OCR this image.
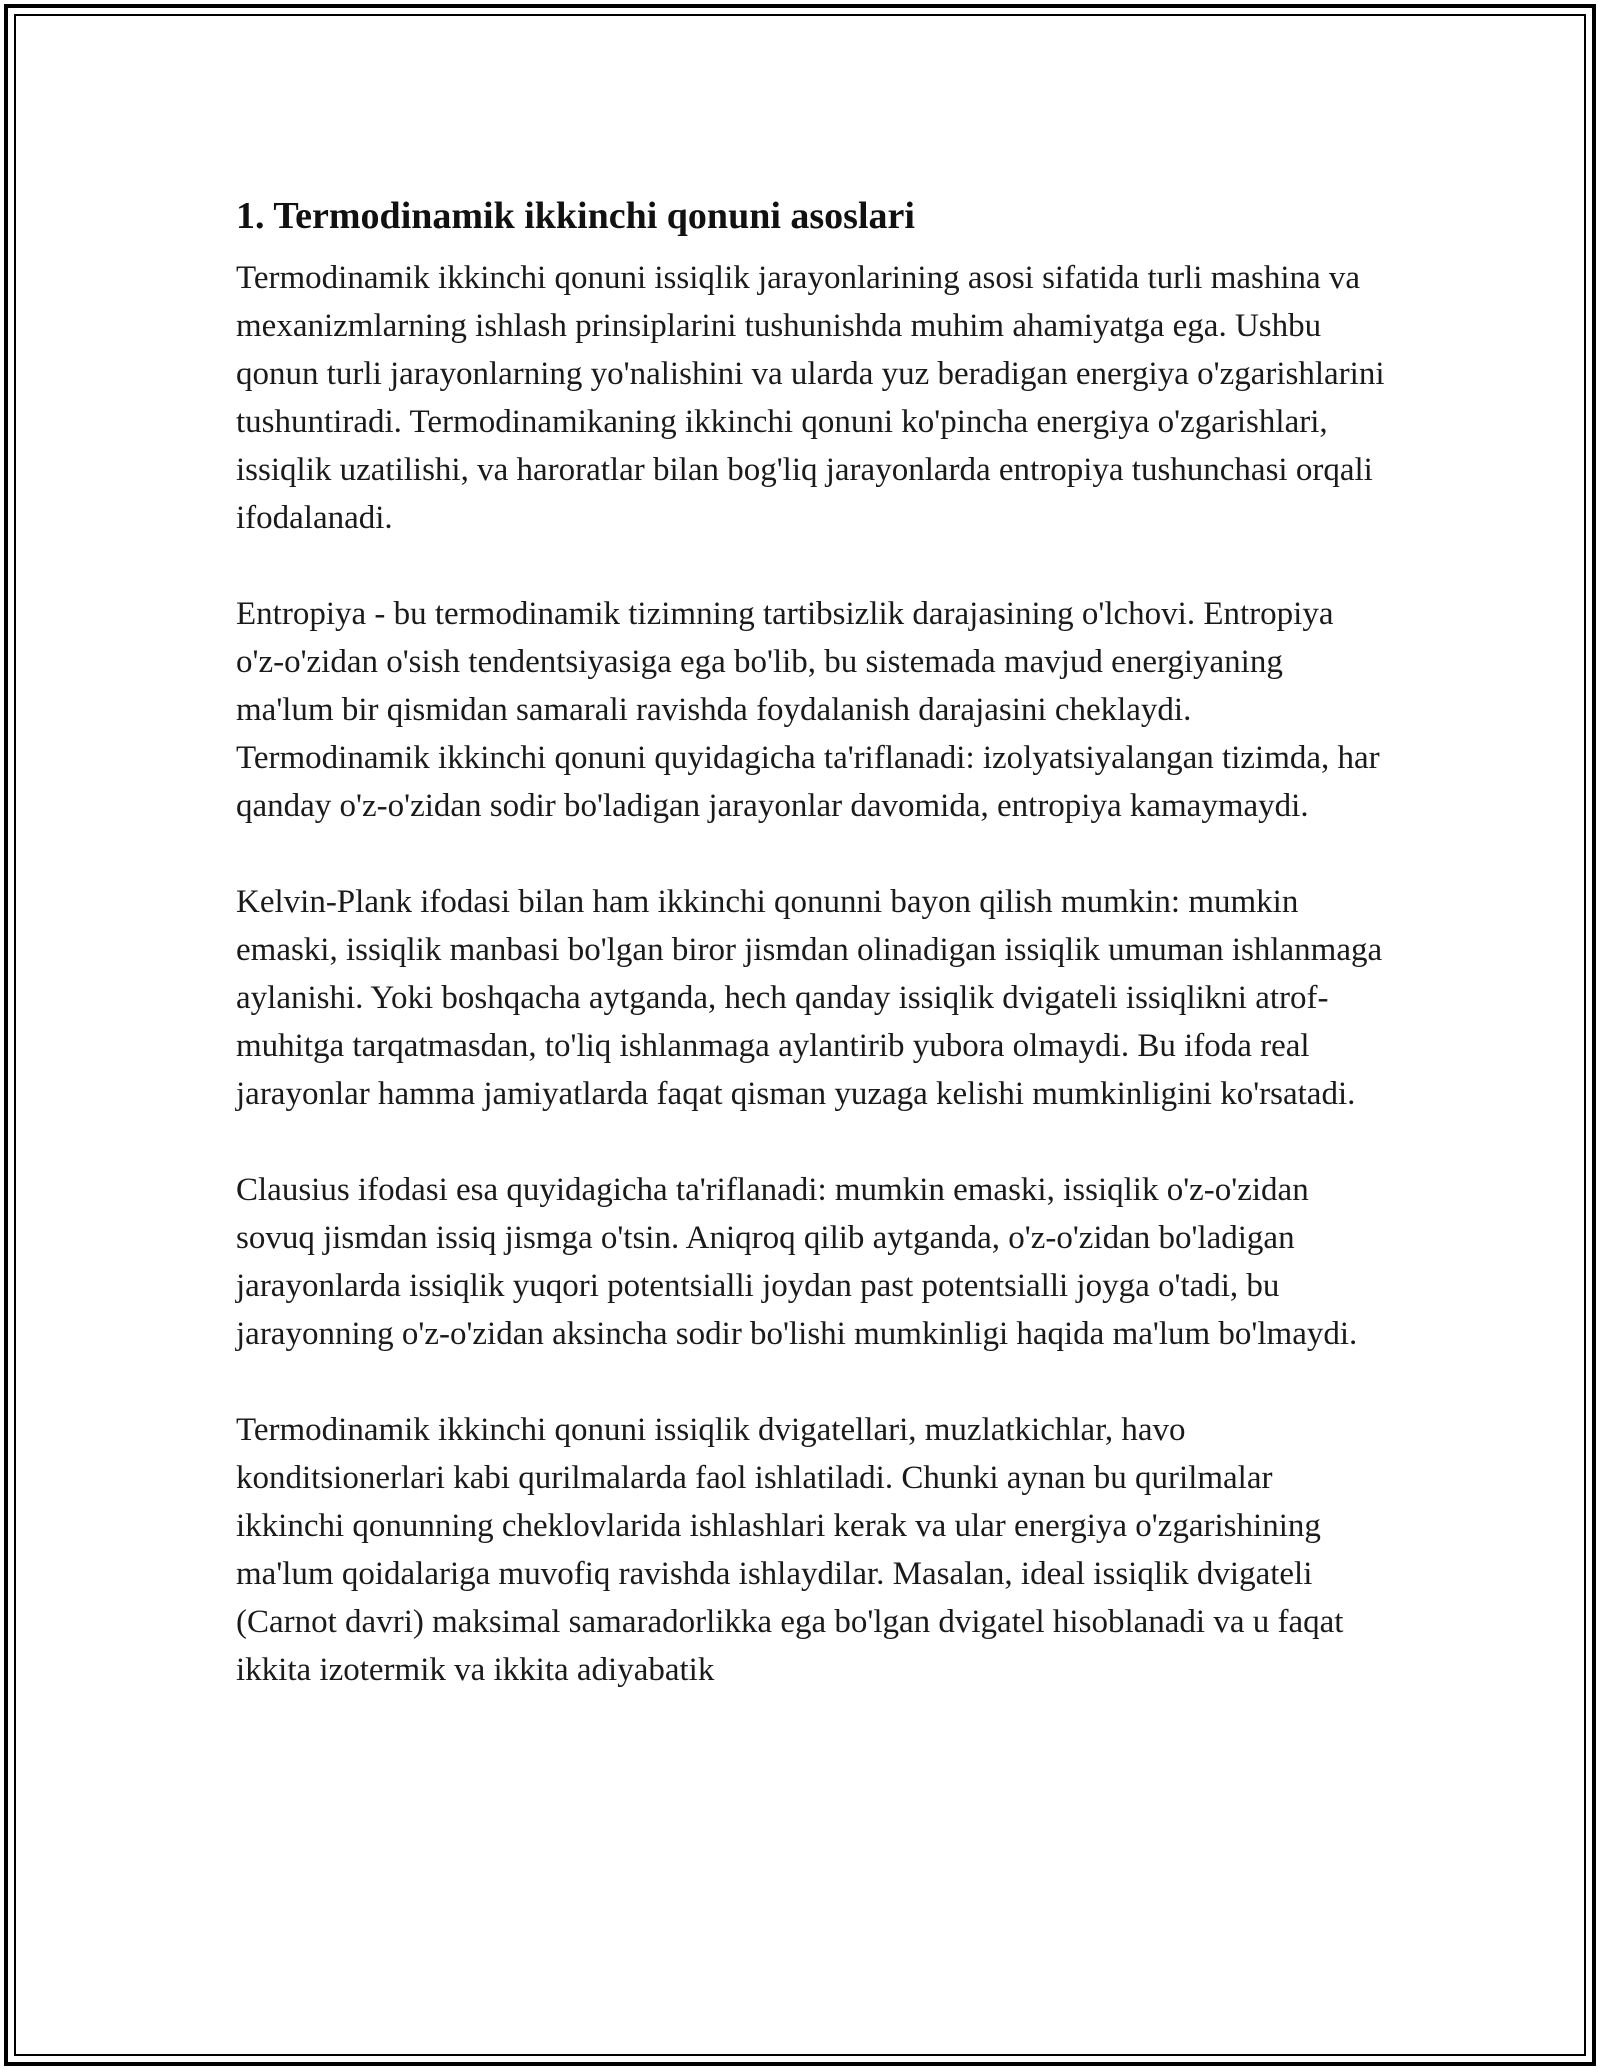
1. Termodinamik ikkinchi qonuni asoslari

Termodinamik ikkinchi qonuni issiqlik jarayonlarining asosi sifatida turli mashina va mexanizmlarning ishlash prinsiplarini tushunishda muhim ahamiyatga ega. Ushbu qonun turli jarayonlarning yo'nalishini va ularda yuz beradigan energiya o'zgarishlarini tushuntiradi. Termodinamikaning ikkinchi qonuni ko'pincha energiya o'zgarishlari, issiqlik uzatilishi, va haroratlar bilan bog'liq jarayonlarda entropiya tushunchasi orqali ifodalanadi.

Entropiya - bu termodinamik tizimning tartibsizlik darajasining o'lchovi. Entropiya o'z-o'zidan o'sish tendentsiyasiga ega bo'lib, bu sistemada mavjud energiyaning ma'lum bir qismidan samarali ravishda foydalanish darajasini cheklaydi. Termodinamik ikkinchi qonuni quyidagicha ta'riflanadi: izolyatsiyalangan tizimda, har qanday o'z-o'zidan sodir bo'ladigan jarayonlar davomida, entropiya kamaymaydi.

Kelvin-Plank ifodasi bilan ham ikkinchi qonunni bayon qilish mumkin: mumkin emaski, issiqlik manbasi bo'lgan biror jismdan olinadigan issiqlik umuman ishlanmaga aylanishi. Yoki boshqacha aytganda, hech qanday issiqlik dvigateli issiqlikni atrof-muhitga tarqatmasdan, to'liq ishlanmaga aylantirib yubora olmaydi. Bu ifoda real jarayonlar hamma jamiyatlarda faqat qisman yuzaga kelishi mumkinligini ko'rsatadi.

Clausius ifodasi esa quyidagicha ta'riflanadi: mumkin emaski, issiqlik o'z-o'zidan sovuq jismdan issiq jismga o'tsin. Aniqroq qilib aytganda, o'z-o'zidan bo'ladigan jarayonlarda issiqlik yuqori potentsialli joydan past potentsialli joyga o'tadi, bu jarayonning o'z-o'zidan aksincha sodir bo'lishi mumkinligi haqida ma'lum bo'lmaydi.

Termodinamik ikkinchi qonuni issiqlik dvigatellari, muzlatkichlar, havo konditsionerlari kabi qurilmalarda faol ishlatiladi. Chunki aynan bu qurilmalar ikkinchi qonunning cheklovlarida ishlashlari kerak va ular energiya o'zgarishining ma'lum qoidalariga muvofiq ravishda ishlaydilar. Masalan, ideal issiqlik dvigateli (Carnot davri) maksimal samaradorlikka ega bo'lgan dvigatel hisoblanadi va u faqat ikkita izotermik va ikkita adiyabatik
